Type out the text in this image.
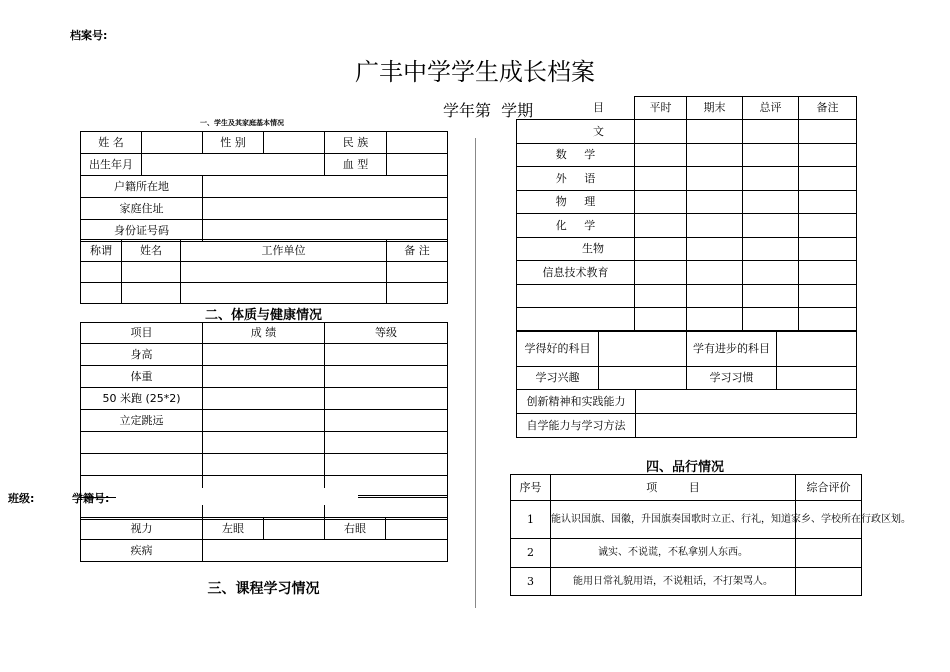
档案号:
广丰中学学生成长档案
学年第  学期
一、学生及其家庭基本情况
姓 名		性 别		民 族	
出生年月				血 型	
户籍所在地					
家庭住址					
身份证号码					
称谓	姓名	工作单位	备 注

二、体质与健康情况
项目	成 绩	等级
身高		
体重		
50 米跑 (25*2)		
立定跳远		

视力	左眼		右眼	
疾病				
班级:	学籍号:
三、课程学习情况
目	平时	期末	总评	备注
文				
数     学				
外     语				
物     理				
化     学				
生物				
信息技术教育				

学得好的科目		学有进步的科目	
学习兴趣		学习习惯	
创新精神和实践能力	
自学能力与学习方法	
四、品行情况
序号	项         目	综合评价
1	能认识国旗、国徽，升国旗奏国歌时立正、行礼，知道家乡、学校所在行政区划。	
2	诚实、不说谎，不私拿别人东西。	
3	能用日常礼貌用语，不说粗话，不打架骂人。	
